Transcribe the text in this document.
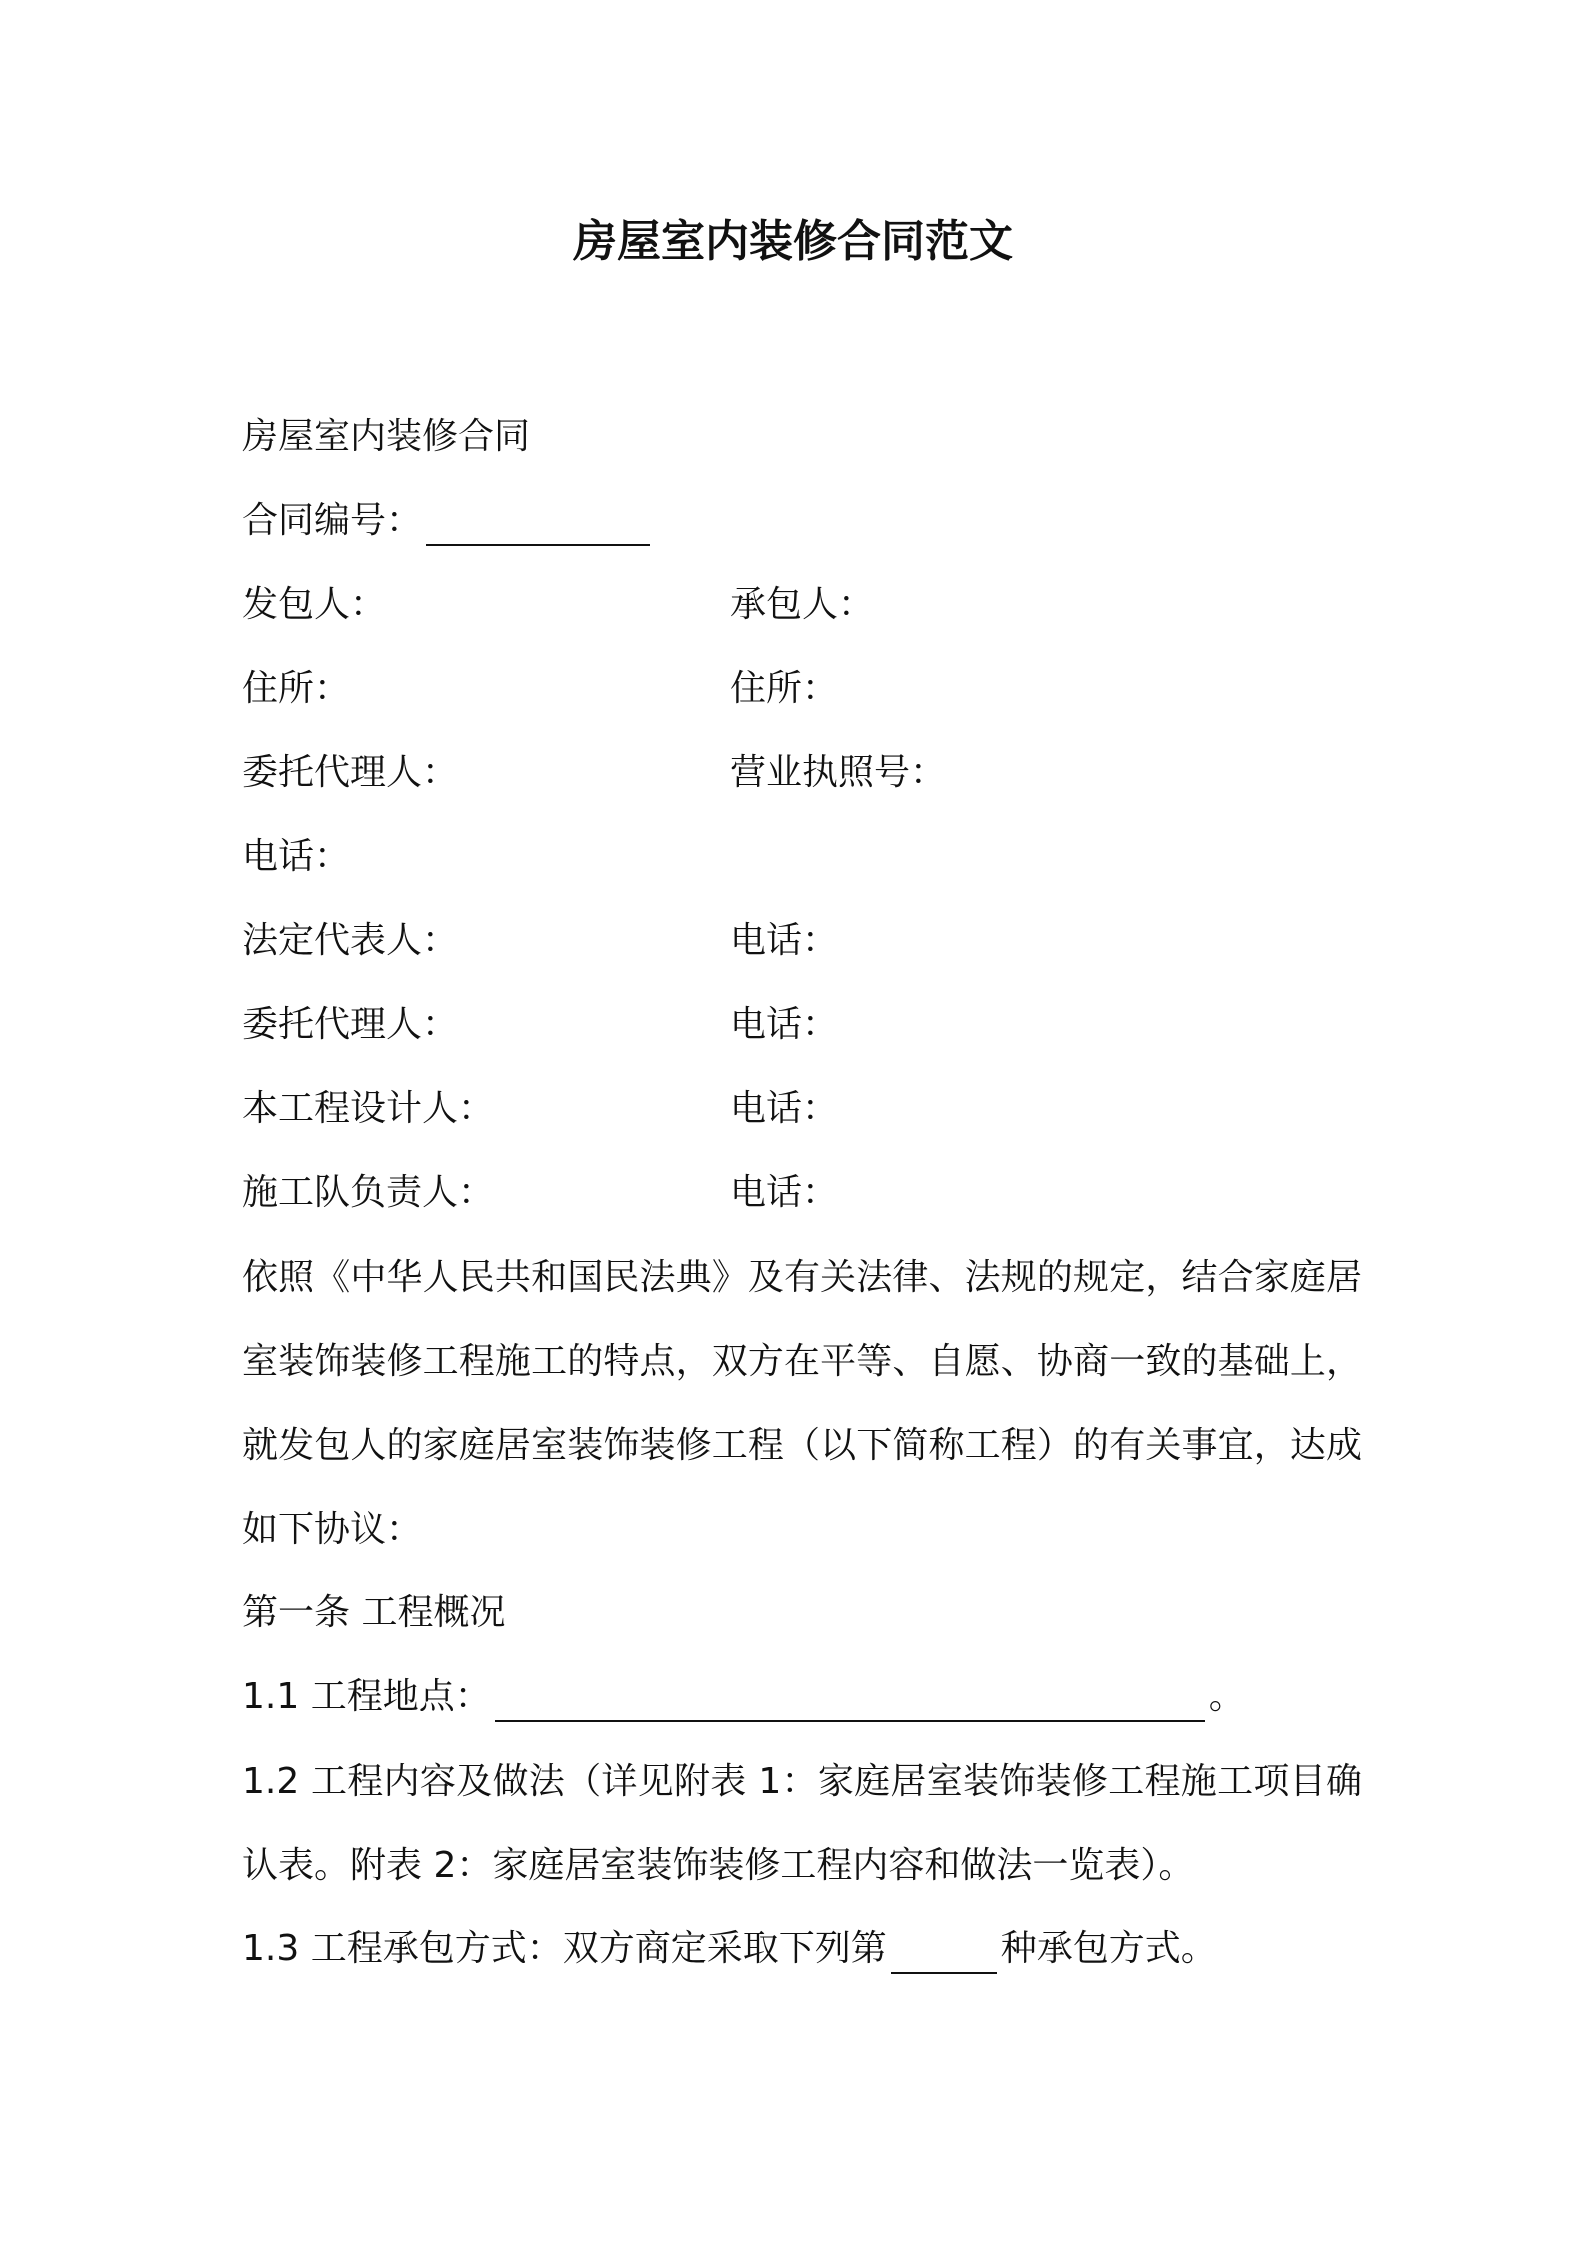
房屋室内装修合同范文

房屋室内装修合同

合同编号：

发包人：	承包人：

住所：	住所：

委托代理人：	营业执照号：

电话：

法定代表人：	电话：

委托代理人：	电话：

本工程设计人：	电话：

施工队负责人：	电话：

依照《中华人民共和国民法典》及有关法律、法规的规定，结合家庭居室装饰装修工程施工的特点，双方在平等、自愿、协商一致的基础上，就发包人的家庭居室装饰装修工程（以下简称工程）的有关事宜，达成如下协议：

第一条 工程概况

1.1 工程地点：	。

1.2 工程内容及做法（详见附表 1：家庭居室装饰装修工程施工项目确认表。附表 2：家庭居室装饰装修工程内容和做法一览表）。

1.3 工程承包方式：双方商定采取下列第	种承包方式。
